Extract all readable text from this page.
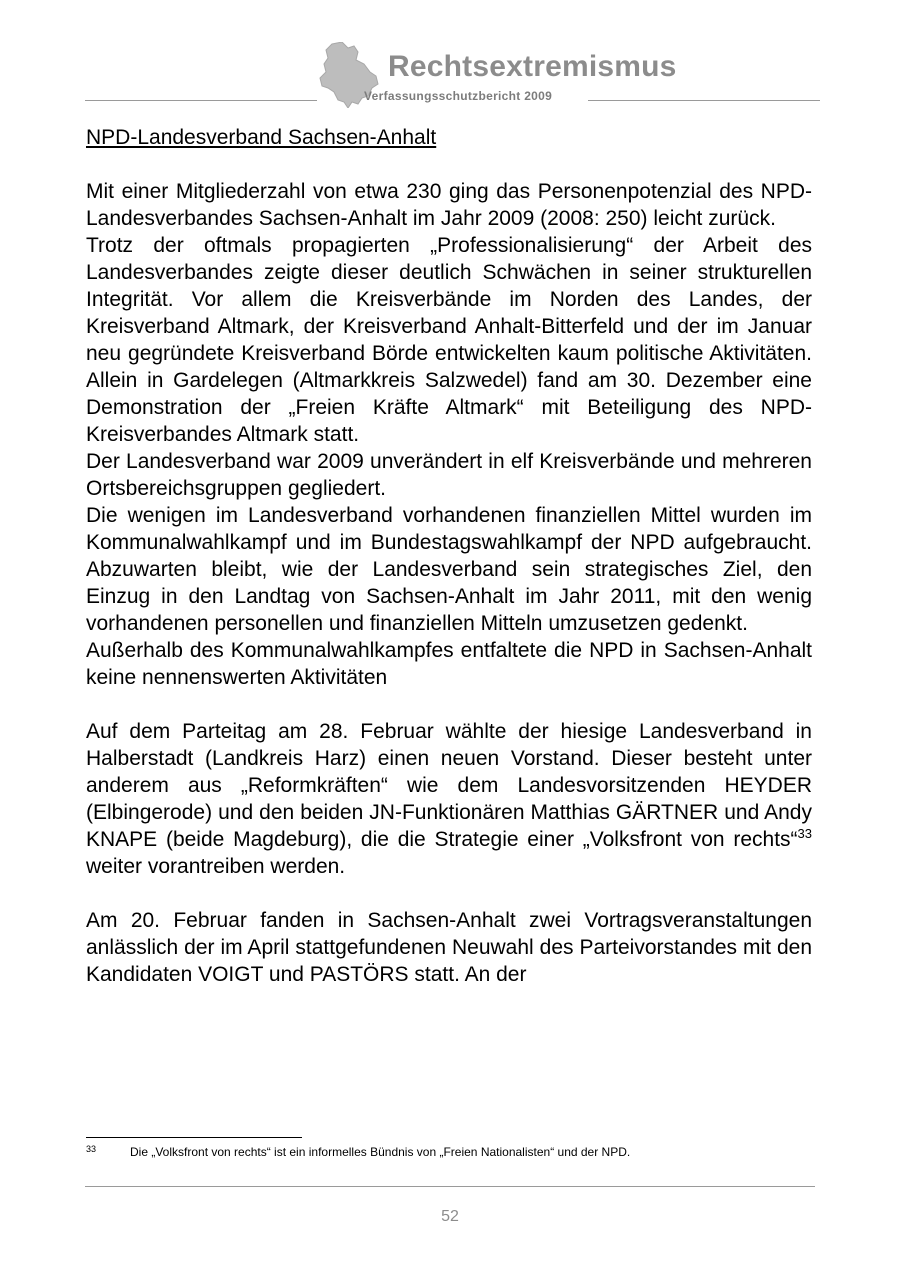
Rechtsextremismus
Verfassungsschutzbericht 2009

NPD-Landesverband Sachsen-Anhalt

Mit einer Mitgliederzahl von etwa 230 ging das Personenpotenzial des NPD-Landesverbandes Sachsen-Anhalt im Jahr 2009 (2008: 250) leicht zurück.

Trotz der oftmals propagierten „Professionalisierung“ der Arbeit des Landesverbandes zeigte dieser deutlich Schwächen in seiner strukturellen Integrität. Vor allem die Kreisverbände im Norden des Landes, der Kreisverband Altmark, der Kreisverband Anhalt-Bitterfeld und der im Januar neu gegründete Kreisverband Börde entwickelten kaum politische Aktivitäten. Allein in Gardelegen (Altmarkkreis Salzwedel) fand am 30. Dezember eine Demonstration der „Freien Kräfte Altmark“ mit Beteiligung des NPD-Kreisverbandes Altmark statt.

Der Landesverband war 2009 unverändert in elf Kreisverbände und mehreren Ortsbereichsgruppen gegliedert.

Die wenigen im Landesverband vorhandenen finanziellen Mittel wurden im Kommunalwahlkampf und im Bundestagswahlkampf der NPD aufgebraucht. Abzuwarten bleibt, wie der Landesverband sein strategisches Ziel, den Einzug in den Landtag von Sachsen-Anhalt im Jahr 2011, mit den wenig vorhandenen personellen und finanziellen Mitteln umzusetzen gedenkt.

Außerhalb des Kommunalwahlkampfes entfaltete die NPD in Sachsen-Anhalt keine nennenswerten Aktivitäten

Auf dem Parteitag am 28. Februar wählte der hiesige Landesverband in Halberstadt (Landkreis Harz) einen neuen Vorstand. Dieser besteht unter anderem aus „Reformkräften“ wie dem Landesvorsitzenden HEYDER (Elbingerode) und den beiden JN-Funktionären Matthias GÄRTNER und Andy KNAPE (beide Magdeburg), die die Strategie einer „Volksfront von rechts“$^{33}$ weiter vorantreiben werden.

Am 20. Februar fanden in Sachsen-Anhalt zwei Vortragsveranstaltungen anlässlich der im April stattgefundenen Neuwahl des Parteivorstandes mit den Kandidaten VOIGT und PASTÖRS statt. An der

33	Die „Volksfront von rechts“ ist ein informelles Bündnis von „Freien Nationalisten“ und der NPD.
52
